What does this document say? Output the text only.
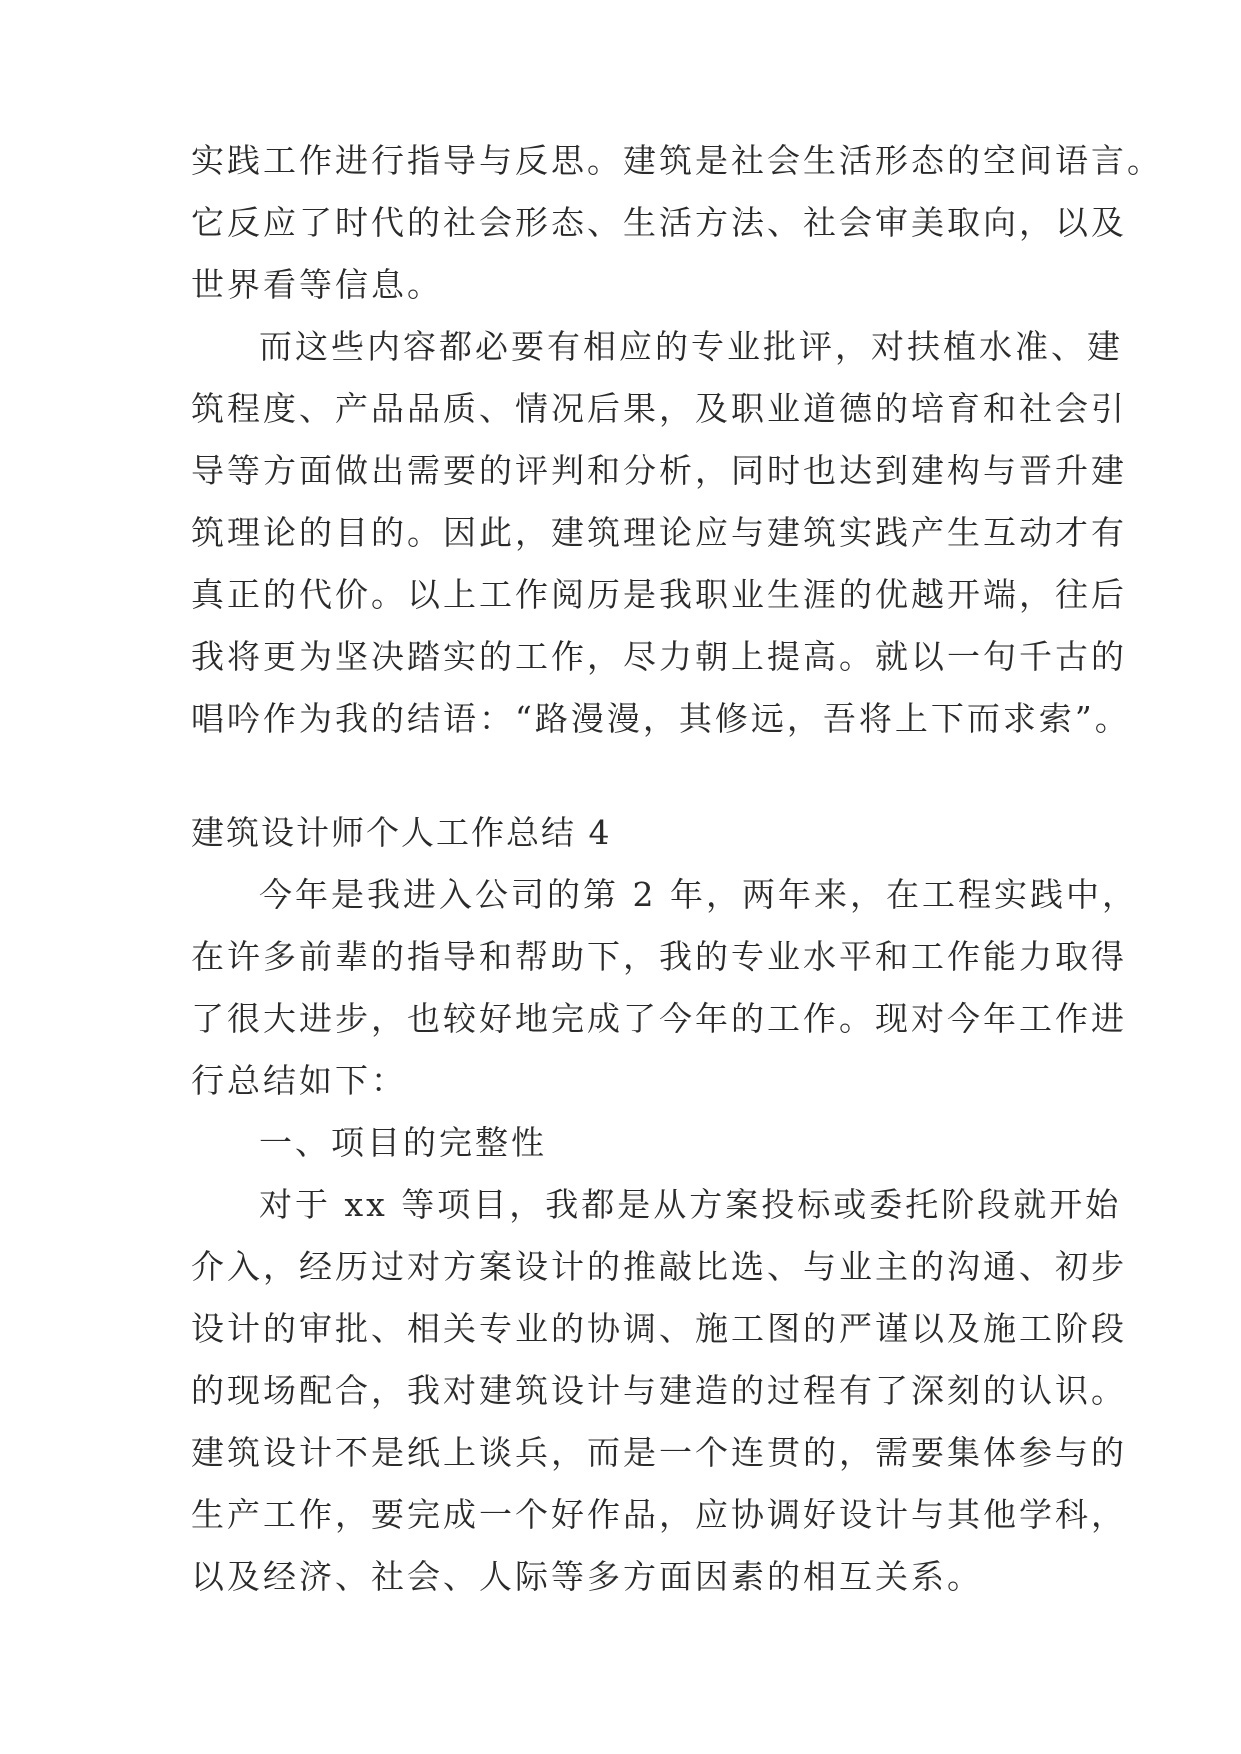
实践工作进行指导与反思。建筑是社会生活形态的空间语言。
它反应了时代的社会形态、生活方法、社会审美取向，以及
世界看等信息。
而这些内容都必要有相应的专业批评，对扶植水准、建
筑程度、产品品质、情况后果，及职业道德的培育和社会引
导等方面做出需要的评判和分析，同时也达到建构与晋升建
筑理论的目的。因此，建筑理论应与建筑实践产生互动才有
真正的代价。以上工作阅历是我职业生涯的优越开端，往后
我将更为坚决踏实的工作，尽力朝上提高。就以一句千古的
唱吟作为我的结语：“路漫漫，其修远，吾将上下而求索”。
建筑设计师个人工作总结 4
今年是我进入公司的第 2 年，两年来，在工程实践中，
在许多前辈的指导和帮助下，我的专业水平和工作能力取得
了很大进步，也较好地完成了今年的工作。现对今年工作进
行总结如下：
一、项目的完整性
对于 xx 等项目，我都是从方案投标或委托阶段就开始
介入，经历过对方案设计的推敲比选、与业主的沟通、初步
设计的审批、相关专业的协调、施工图的严谨以及施工阶段
的现场配合，我对建筑设计与建造的过程有了深刻的认识。
建筑设计不是纸上谈兵，而是一个连贯的，需要集体参与的
生产工作，要完成一个好作品，应协调好设计与其他学科，
以及经济、社会、人际等多方面因素的相互关系。
